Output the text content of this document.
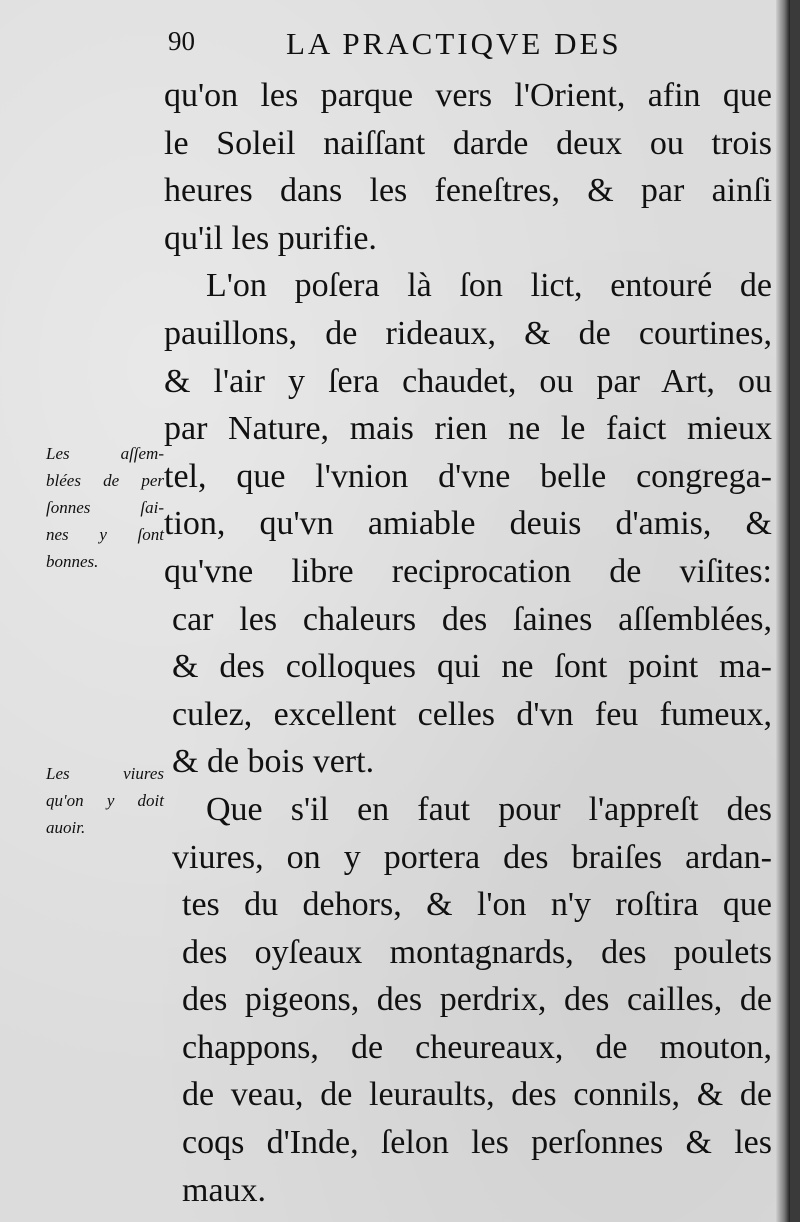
90	LA PRACTIQVE DES
Les aſſem-
blées de per
ſonnes ſai-
nes y ſont
bonnes.
Les viures
qu'on y doit
auoir.
qu'on les parque vers l'Orient, afin que
le Soleil naiſſant darde deux ou trois
heures dans les feneſtres, & par ainſi
qu'il les purifie.
L'on poſera là ſon lict, entouré de
pauillons, de rideaux, & de courtines,
& l'air y ſera chaudet, ou par Art, ou
par Nature, mais rien ne le faict mieux
tel, que l'vnion d'vne belle congrega-
tion, qu'vn amiable deuis d'amis, &
qu'vne libre reciprocation de viſites:
car les chaleurs des ſaines aſſemblées,
& des colloques qui ne ſont point ma-
culez, excellent celles d'vn feu fumeux,
& de bois vert.
Que s'il en faut pour l'appreſt des
viures, on y portera des braiſes ardan-
tes du dehors, & l'on n'y roſtira que
des oyſeaux montagnards, des poulets
des pigeons, des perdrix, des cailles, de
chappons, de cheureaux, de mouton,
de veau, de leuraults, des connils, & de
coqs d'Inde, ſelon les perſonnes & les
maux.
